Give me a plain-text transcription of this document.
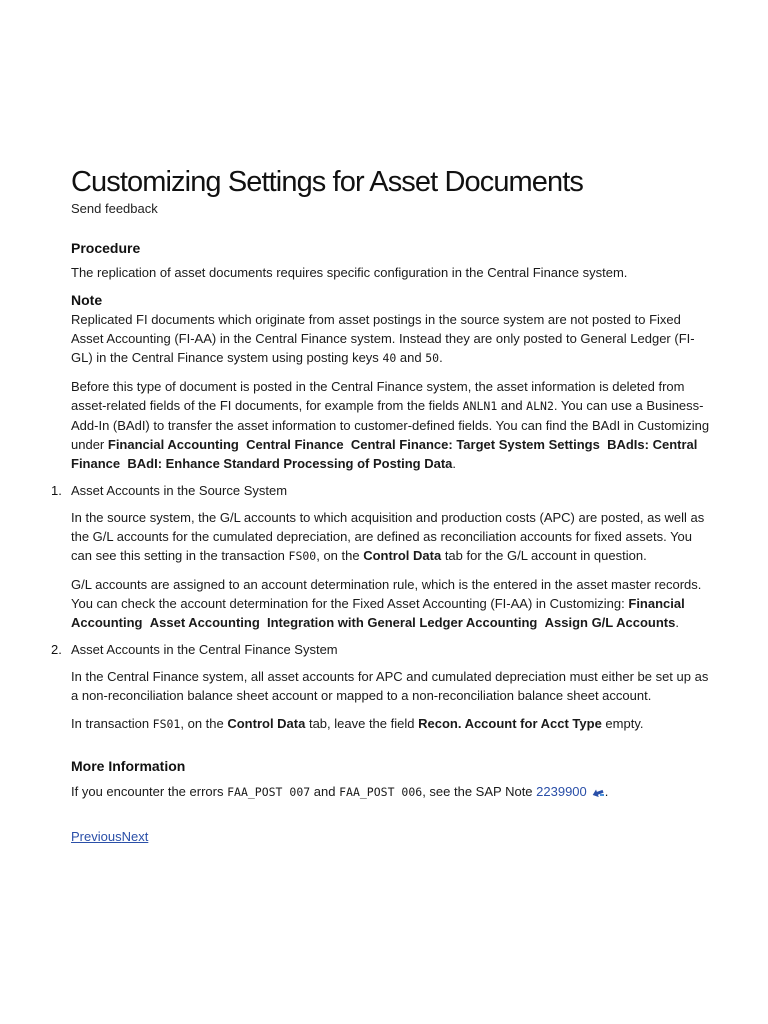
Customizing Settings for Asset Documents
Send feedback
Procedure

The replication of asset documents requires specific configuration in the Central Finance system.

Note

Replicated FI documents which originate from asset postings in the source system are not posted to Fixed Asset Accounting (FI-AA) in the Central Finance system. Instead they are only posted to General Ledger (FI-GL) in the Central Finance system using posting keys 40 and 50.

Before this type of document is posted in the Central Finance system, the asset information is deleted from asset-related fields of the FI documents, for example from the fields ANLN1 and ALN2. You can use a Business-Add-In (BAdI) to transfer the asset information to customer-defined fields. You can find the BAdI in Customizing under Financial Accounting Central Finance Central Finance: Target System Settings BAdIs: Central Finance BAdI: Enhance Standard Processing of Posting Data.

1. Asset Accounts in the Source System

In the source system, the G/L accounts to which acquisition and production costs (APC) are posted, as well as the G/L accounts for the cumulated depreciation, are defined as reconciliation accounts for fixed assets. You can see this setting in the transaction FS00, on the Control Data tab for the G/L account in question.

G/L accounts are assigned to an account determination rule, which is the entered in the asset master records. You can check the account determination for the Fixed Asset Accounting (FI-AA) in Customizing: Financial Accounting Asset Accounting Integration with General Ledger Accounting Assign G/L Accounts.

2. Asset Accounts in the Central Finance System

In the Central Finance system, all asset accounts for APC and cumulated depreciation must either be set up as a non-reconciliation balance sheet account or mapped to a non-reconciliation balance sheet account.

In transaction FS01, on the Control Data tab, leave the field Recon. Account for Acct Type empty.

More Information

If you encounter the errors FAA_POST 007 and FAA_POST 006, see the SAP Note 2239900 .

PreviousNext
